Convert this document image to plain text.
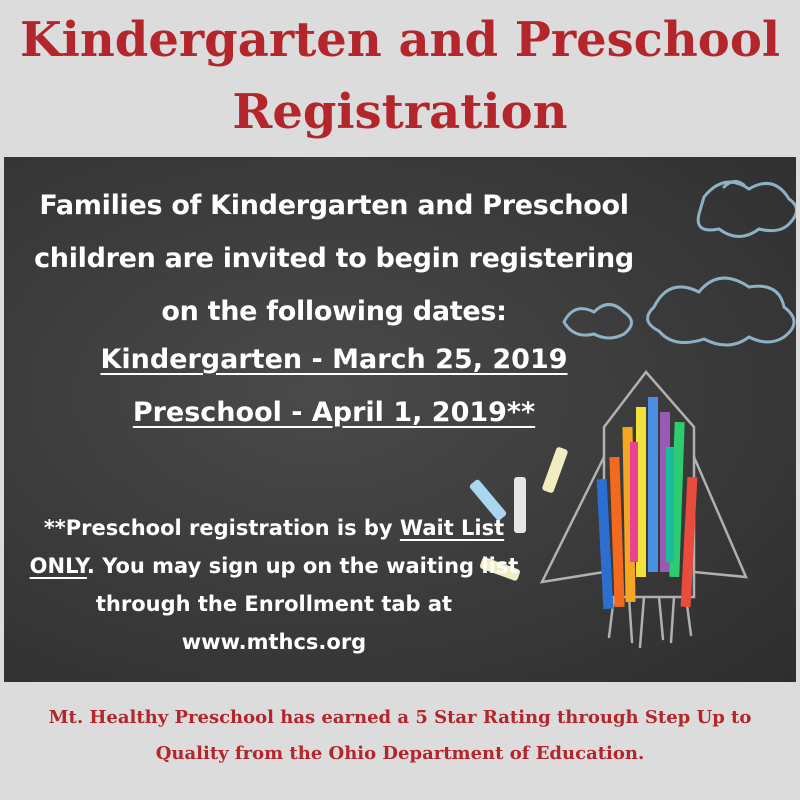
Kindergarten and Preschool
Registration
Families of Kindergarten and Preschool
children are invited to begin registering
on the following dates:
Kindergarten - March 25, 2019
Preschool - April 1, 2019**
**Preschool registration is by Wait List
ONLY. You may sign up on the waiting list
through the Enrollment tab at
www.mthcs.org
Mt. Healthy Preschool has earned a 5 Star Rating through Step Up to
Quality from the Ohio Department of Education.
